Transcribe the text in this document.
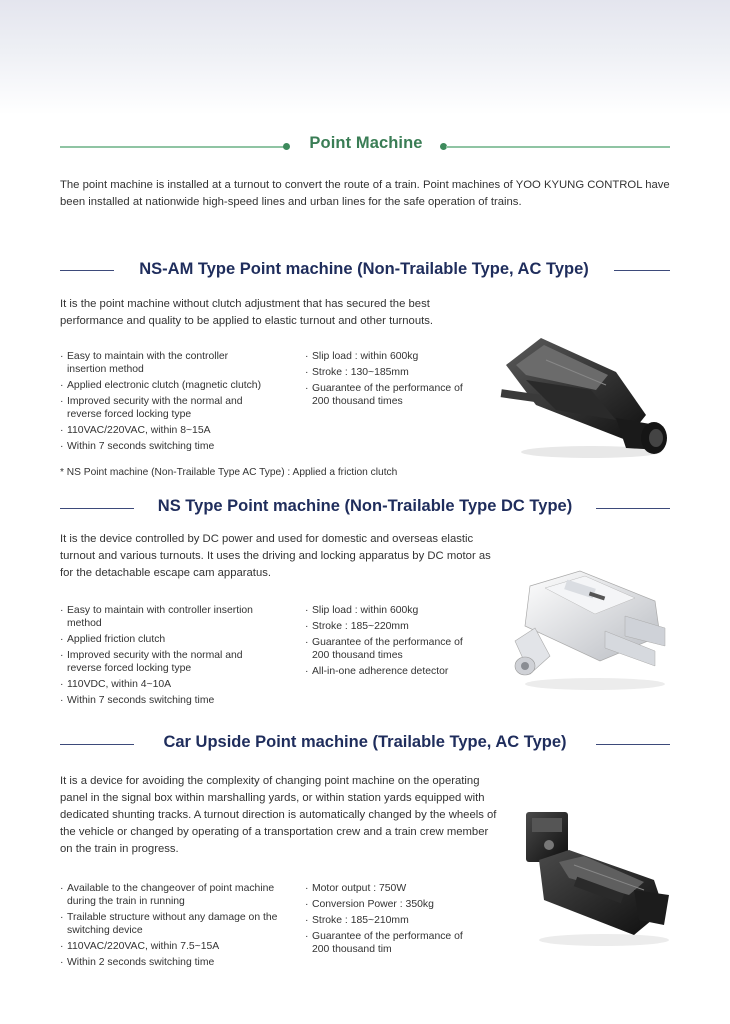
Point Machine

The point machine is installed at a turnout to convert the route of a train. Point machines of YOO KYUNG CONTROL have been installed at nationwide high-speed lines and urban lines for the safe operation of trains.

NS-AM Type Point machine (Non-Trailable Type, AC Type)

It is the point machine without clutch adjustment that has secured the best performance and quality to be applied to elastic turnout and other turnouts.

· Easy to maintain with the controller insertion method
· Applied electronic clutch (magnetic clutch)
· Improved security with the normal and reverse forced locking type
· 110VAC/220VAC, within 8~15A
· Within 7 seconds switching time
· Slip load : within 600kg
· Stroke : 130~185mm
· Guarantee of the performance of 200 thousand times
* NS Point machine (Non-Trailable Type AC Type) : Applied a friction clutch
NS Type Point machine (Non-Trailable Type DC Type)

It is the device controlled by DC power and used for domestic and overseas elastic turnout and various turnouts. It uses the driving and locking apparatus by DC motor as for the detachable escape cam apparatus.

· Easy to maintain with controller insertion method
· Applied friction clutch
· Improved security with the normal and reverse forced locking type
· 110VDC, within 4~10A
· Within 7 seconds switching time
· Slip load : within 600kg
· Stroke : 185~220mm
· Guarantee of the performance of 200 thousand times
· All-in-one adherence detector
Car Upside Point machine (Trailable Type, AC Type)

It is a device for avoiding the complexity of changing point machine on the operating panel in the signal box within marshalling yards, or within station yards equipped with dedicated shunting tracks. A turnout direction is automatically changed by the wheels of the vehicle or changed by operating of a transportation crew and a train crew member on the train in progress.

· Available to the changeover of point machine during the train in running
· Trailable structure without any damage on the switching device
· 110VAC/220VAC, within 7.5~15A
· Within 2 seconds switching time
· Motor output : 750W
· Conversion Power : 350kg
· Stroke : 185~210mm
· Guarantee of the performance of 200 thousand tim
